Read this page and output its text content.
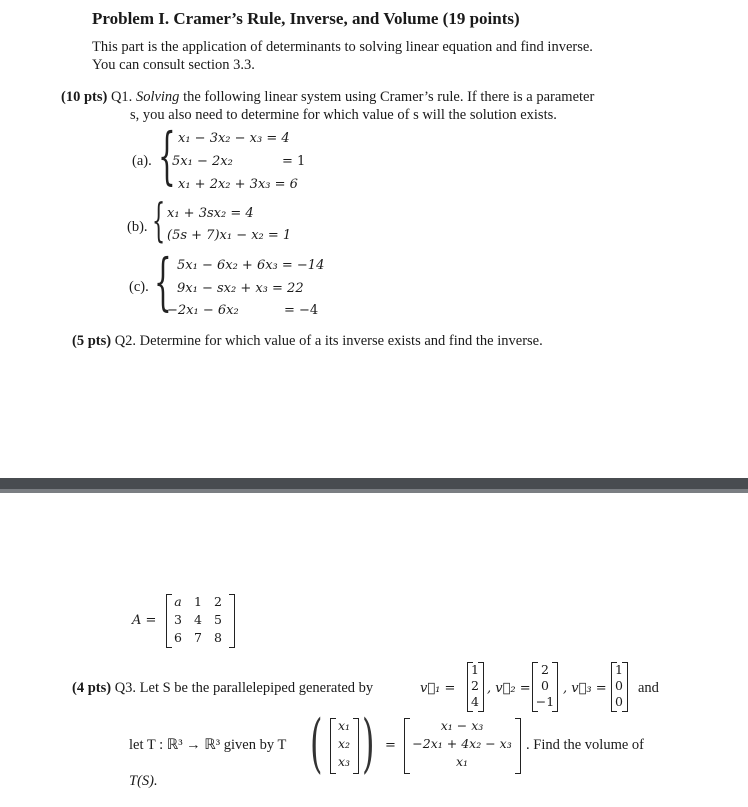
Problem I. Cramer’s Rule, Inverse, and Volume (19 points)
This part is the application of determinants to solving linear equation and find inverse.
You can consult section 3.3.
(10 pts) Q1. Solving the following linear system using Cramer’s rule. If there is a parameter
s, you also need to determine for which value of s will the solution exists.
(a). { x₁ − 3x₂ − x₃ = 4
5x₁ − 2x₂	= 1
x₁ + 2x₂ + 3x₃ = 6
(b). { x₁ + 3sx₂ = 4
(5s + 7)x₁ − x₂ = 1
(c). { 5x₁ − 6x₂ + 6x₃ = −14
9x₁ − sx₂ + x₃ = 22
−2x₁ − 6x₂	= −4
(5 pts) Q2. Determine for which value of a its inverse exists and find the inverse.
A =
a 1 2
3 4 5
6 7 8
(4 pts) Q3. Let S be the parallelepiped generated by	v⃗₁ =
1
2
4
, v⃗₂ =
2
0
−1
, v⃗₃ =
1
0
0
and
let T : ℝ³ → ℝ³ given by T (	x₁
x₂
x₃ ) =
x₁ − x₃
−2x₁ + 4x₂ − x₃
x₁
. Find the volume of
T(S).
